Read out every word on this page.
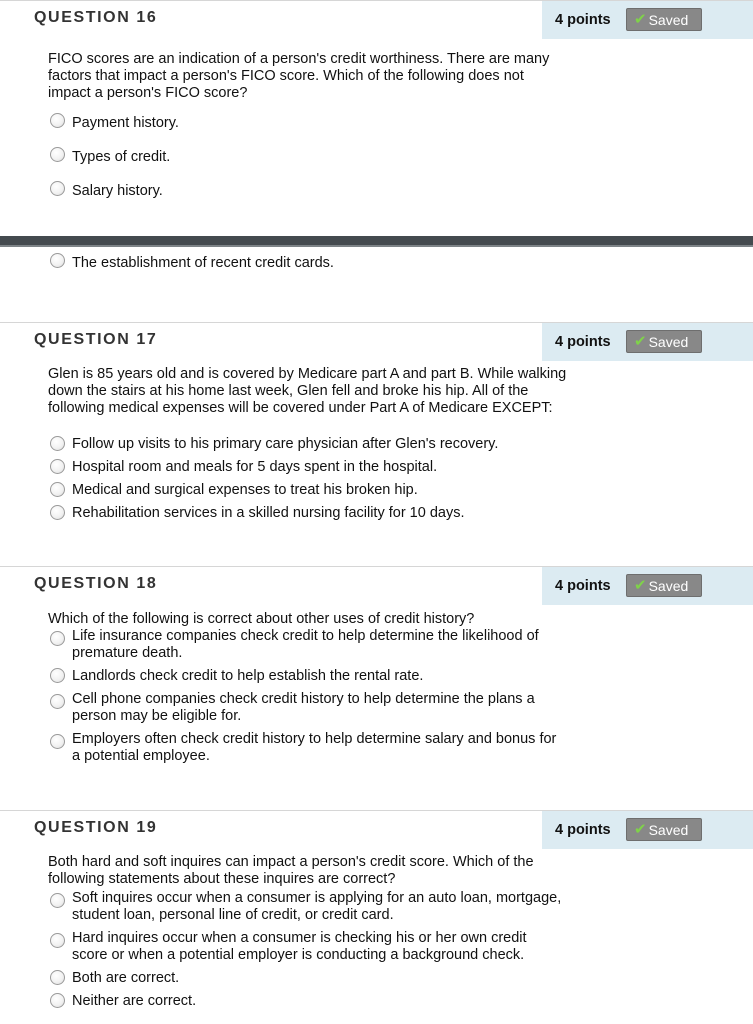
QUESTION 16	4 points ✔ Saved
FICO scores are an indication of a person's credit worthiness. There are many factors that impact a person's FICO score. Which of the following does not impact a person's FICO score?
Payment history.
Types of credit.
Salary history.
The establishment of recent credit cards.
QUESTION 17	4 points ✔ Saved
Glen is 85 years old and is covered by Medicare part A and part B. While walking down the stairs at his home last week, Glen fell and broke his hip. All of the following medical expenses will be covered under Part A of Medicare EXCEPT:
Follow up visits to his primary care physician after Glen's recovery.
Hospital room and meals for 5 days spent in the hospital.
Medical and surgical expenses to treat his broken hip.
Rehabilitation services in a skilled nursing facility for 10 days.
QUESTION 18	4 points ✔ Saved
Which of the following is correct about other uses of credit history?
Life insurance companies check credit to help determine the likelihood of premature death.
Landlords check credit to help establish the rental rate.
Cell phone companies check credit history to help determine the plans a person may be eligible for.
Employers often check credit history to help determine salary and bonus for a potential employee.
QUESTION 19	4 points ✔ Saved
Both hard and soft inquires can impact a person's credit score. Which of the following statements about these inquires are correct?
Soft inquires occur when a consumer is applying for an auto loan, mortgage, student loan, personal line of credit, or credit card.
Hard inquires occur when a consumer is checking his or her own credit score or when a potential employer is conducting a background check.
Both are correct.
Neither are correct.
